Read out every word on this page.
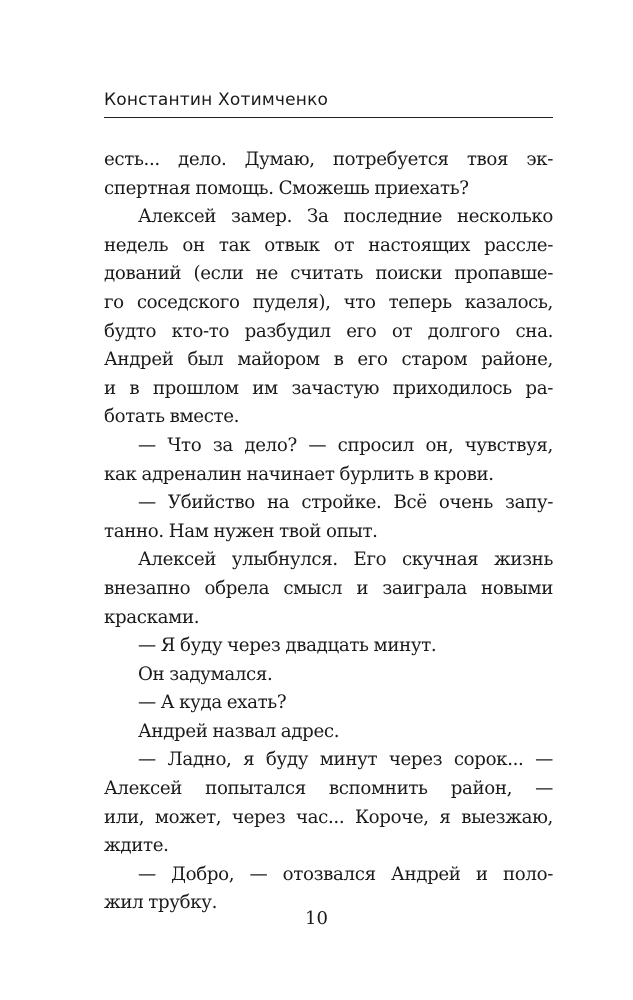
Константин Хотимченко
есть... дело. Думаю, потребуется твоя эк-
спертная помощь. Сможешь приехать?
Алексей замер. За последние несколько
недель он так отвык от настоящих рассле-
дований (если не считать поиски пропавше-
го соседского пуделя), что теперь казалось,
будто кто-то разбудил его от долгого сна.
Андрей был майором в его старом районе,
и в прошлом им зачастую приходилось ра-
ботать вместе.
— Что за дело? — спросил он, чувствуя,
как адреналин начинает бурлить в крови.
— Убийство на стройке. Всё очень запу-
танно. Нам нужен твой опыт.
Алексей улыбнулся. Его скучная жизнь
внезапно обрела смысл и заиграла новыми
красками.
— Я буду через двадцать минут.
Он задумался.
— А куда ехать?
Андрей назвал адрес.
— Ладно, я буду минут через сорок... —
Алексей попытался вспомнить район, —
или, может, через час... Короче, я выезжаю,
ждите.
— Добро, — отозвался Андрей и поло-
жил трубку.
10
